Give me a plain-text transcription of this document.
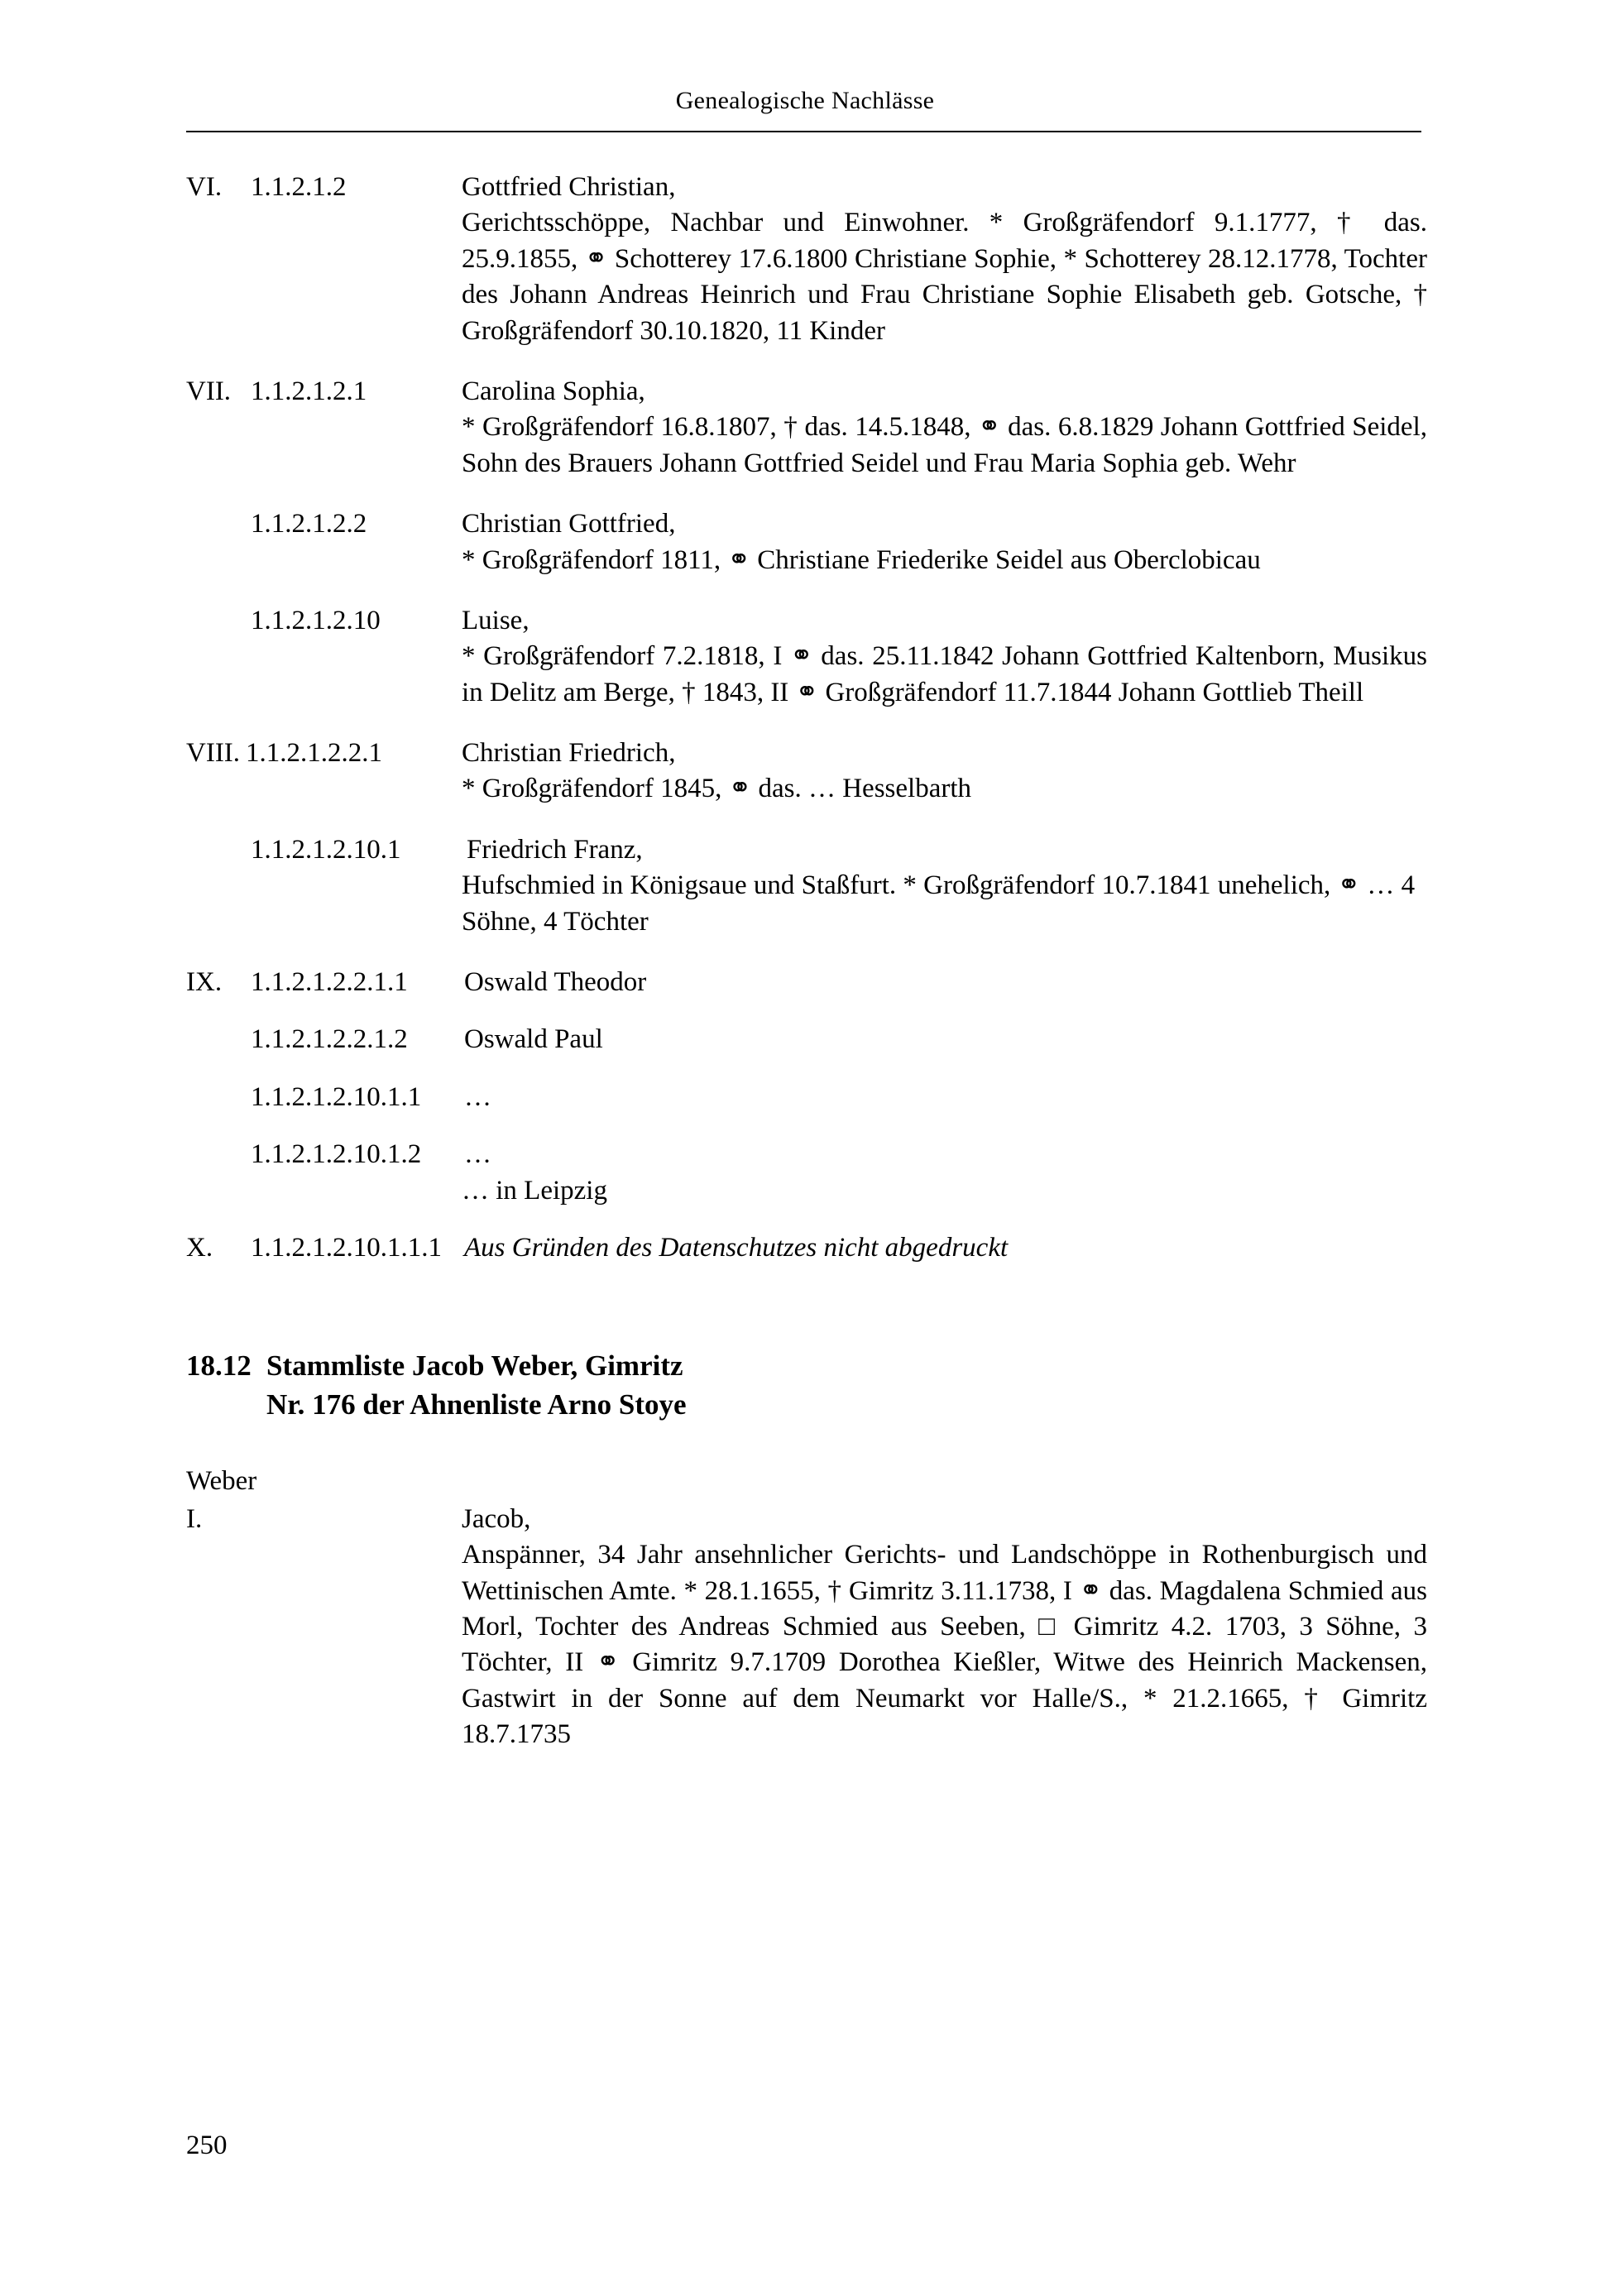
Genealogische Nachlässe
VI. 1.1.2.1.2	Gottfried Christian,
Gerichtsschöppe, Nachbar und Einwohner. * Großgräfendorf 9.1.1777, † das. 25.9.1855, ⚭ Schotterey 17.6.1800 Christiane Sophie, * Schotterey 28.12.1778, Tochter des Johann Andreas Heinrich und Frau Christiane Sophie Elisabeth geb. Gotsche, † Großgräfendorf 30.10.1820, 11 Kinder
VII. 1.1.2.1.2.1	Carolina Sophia,
* Großgräfendorf 16.8.1807, † das. 14.5.1848, ⚭ das. 6.8.1829 Johann Gottfried Seidel, Sohn des Brauers Johann Gottfried Seidel und Frau Maria Sophia geb. Wehr
1.1.2.1.2.2	Christian Gottfried,
* Großgräfendorf 1811, ⚭ Christiane Friederike Seidel aus Oberclobicau
1.1.2.1.2.10	Luise,
* Großgräfendorf 7.2.1818, I ⚭ das. 25.11.1842 Johann Gottfried Kaltenborn, Musikus in Delitz am Berge, † 1843, II ⚭ Großgräfendorf 11.7.1844 Johann Gottlieb Theill
VIII. 1.1.2.1.2.2.1	Christian Friedrich,
* Großgräfendorf 1845, ⚭ das. … Hesselbarth
1.1.2.1.2.10.1 Friedrich Franz,
Hufschmied in Königsaue und Staßfurt. * Großgräfendorf 10.7.1841 unehelich, ⚭ … 4 Söhne, 4 Töchter
IX. 1.1.2.1.2.2.1.1 Oswald Theodor
1.1.2.1.2.2.1.2 Oswald Paul
1.1.2.1.2.10.1.1 …
1.1.2.1.2.10.1.2 …
… in Leipzig
X. 1.1.2.1.2.10.1.1.1 Aus Gründen des Datenschutzes nicht abgedruckt
18.12 Stammliste Jacob Weber, Gimritz
Nr. 176 der Ahnenliste Arno Stoye
Weber
I.	Jacob,
Anspänner, 34 Jahr ansehnlicher Gerichts- und Landschöppe in Rothenburgisch und Wettinischen Amte. * 28.1.1655, † Gimritz 3.11.1738, I ⚭ das. Magdalena Schmied aus Morl, Tochter des Andreas Schmied aus Seeben, □ Gimritz 4.2. 1703, 3 Söhne, 3 Töchter, II ⚭ Gimritz 9.7.1709 Dorothea Kießler, Witwe des Heinrich Mackensen, Gastwirt in der Sonne auf dem Neumarkt vor Halle/S., * 21.2.1665, † Gimritz 18.7.1735
250
